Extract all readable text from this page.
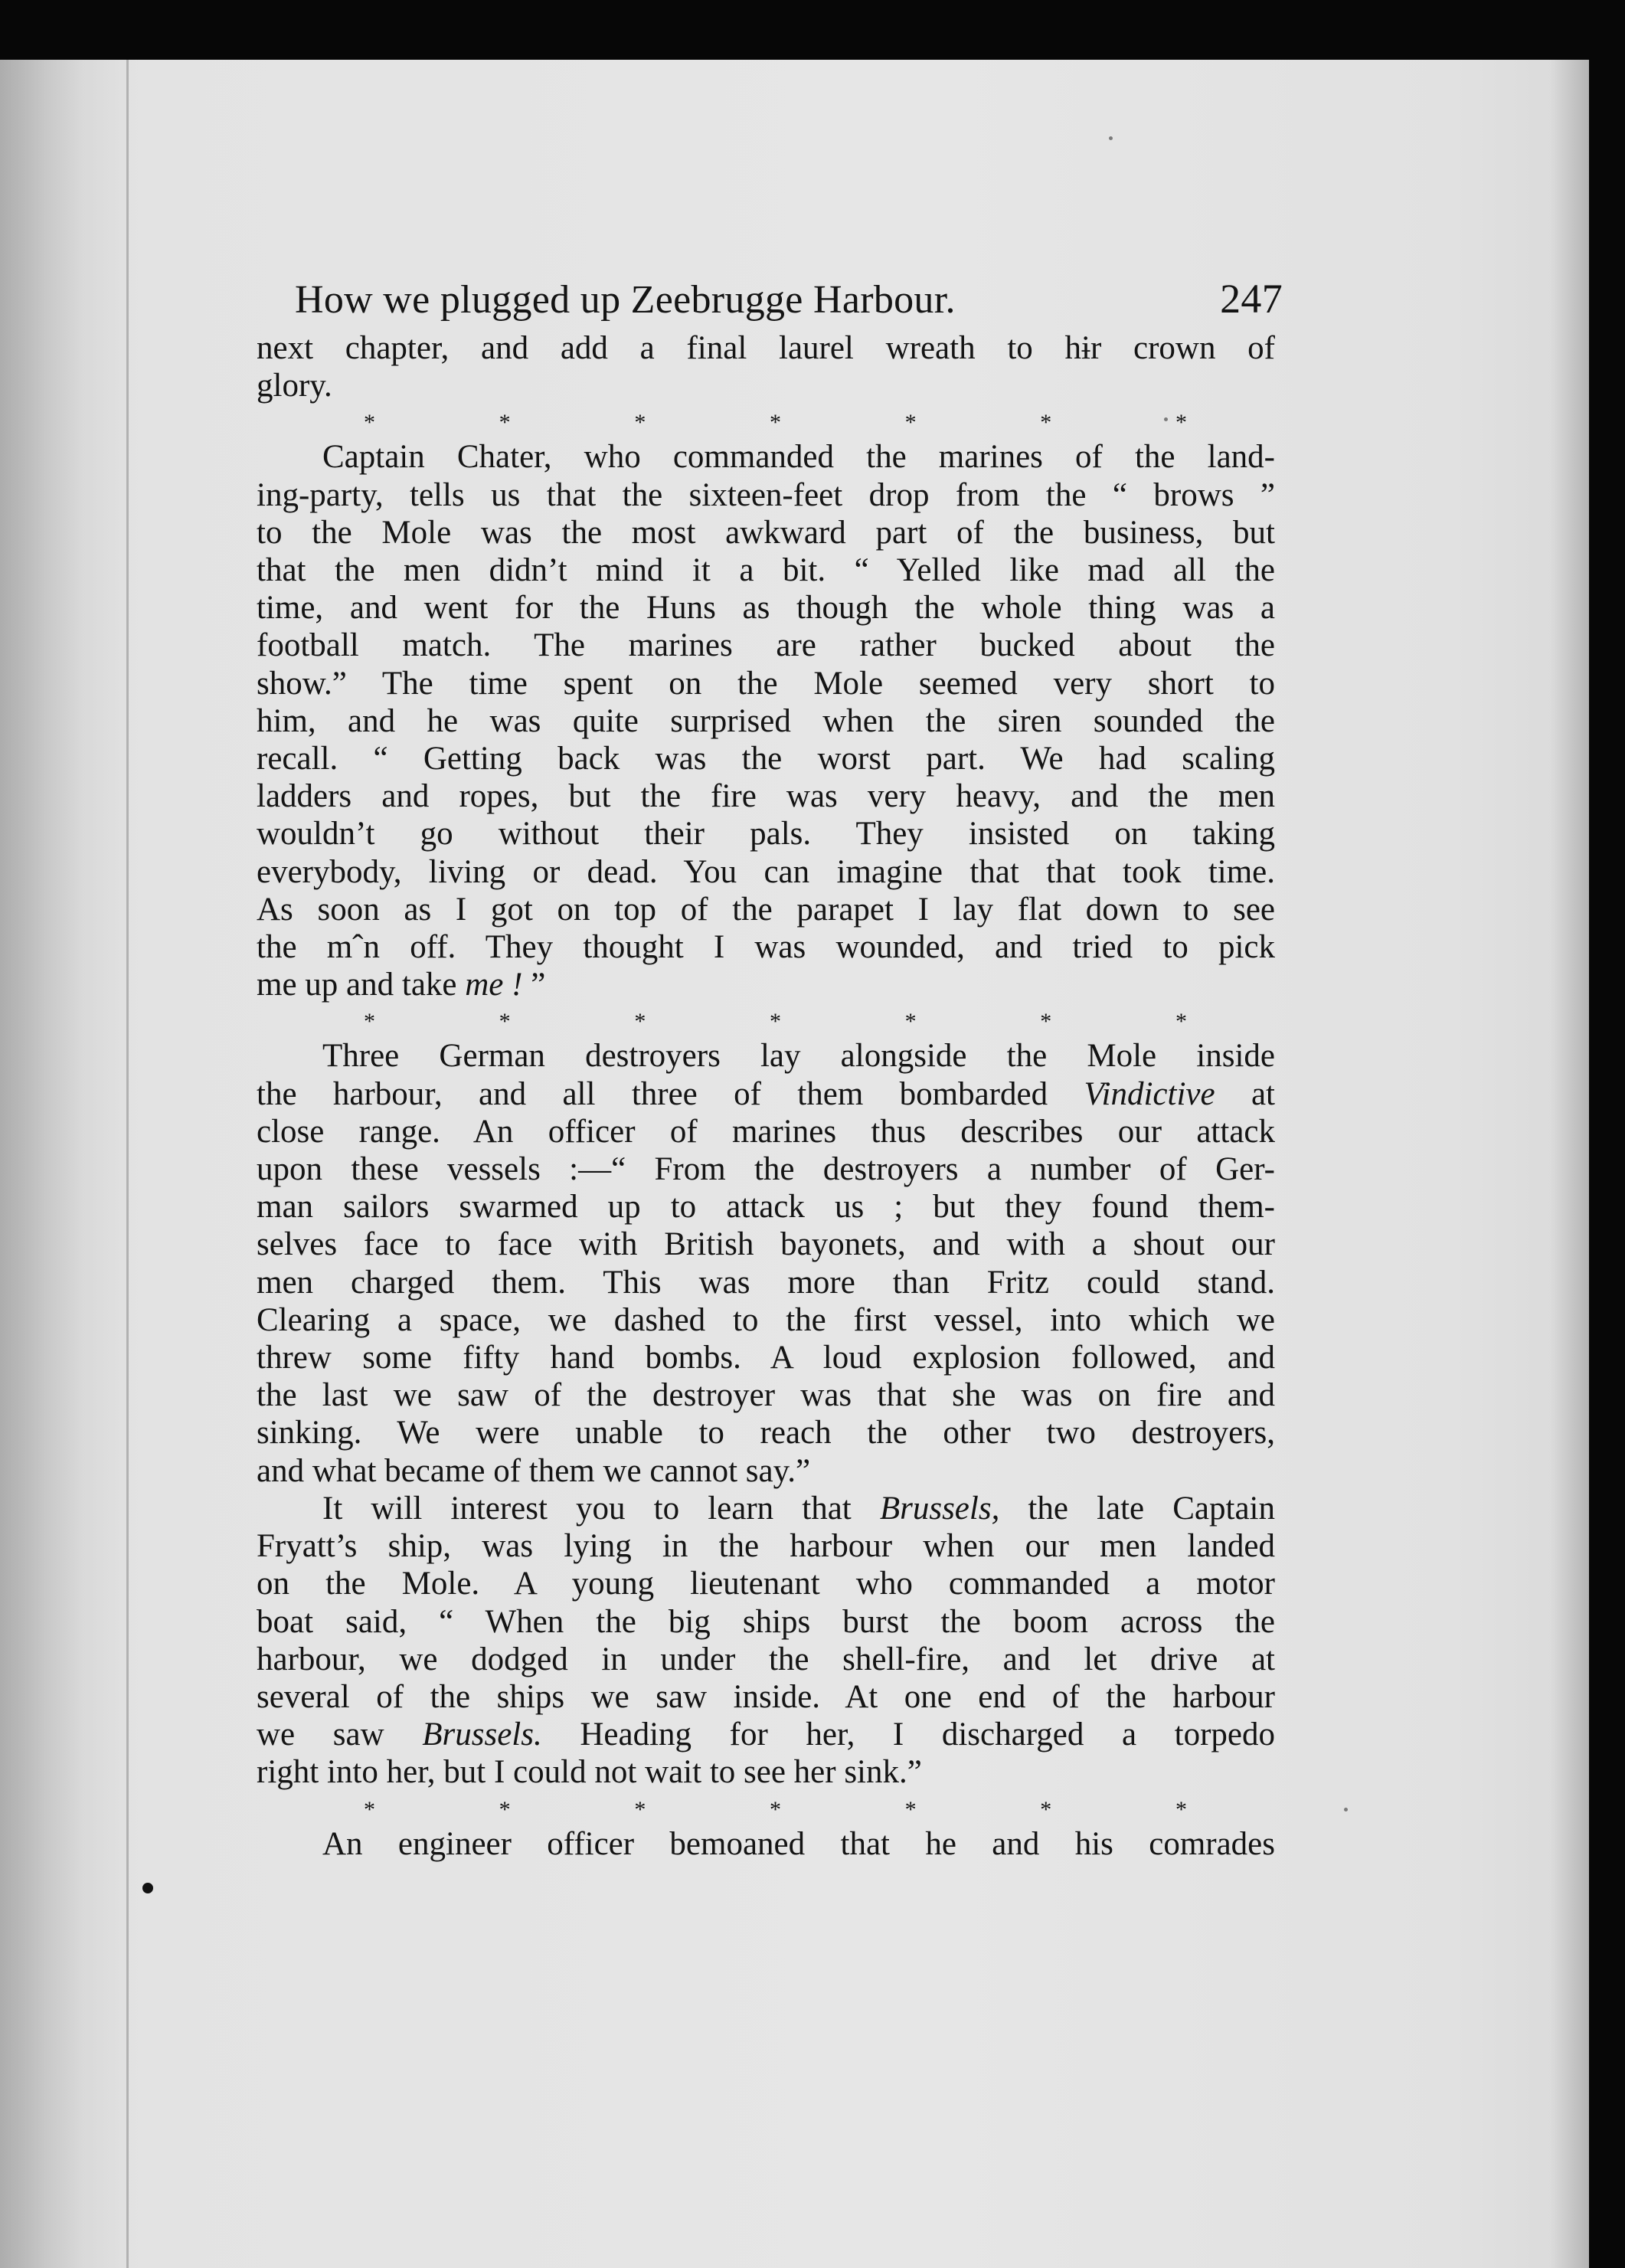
How we plugged up Zeebrugge Harbour.	247

next chapter, and add a final laurel wreath to hɨr crown of

glory.

*	*	*	*	*	*	*

Captain Chater, who commanded the marines of the land-

ing-party, tells us that the sixteen-feet drop from the “ brows ”

to the Mole was the most awkward part of the business, but

that the men didn’t mind it a bit. “ Yelled like mad all the

time, and went for the Huns as though the whole thing was a

football match. The marines are rather bucked about the

show.” The time spent on the Mole seemed very short to

him, and he was quite surprised when the siren sounded the

recall. “ Getting back was the worst part. We had scaling

ladders and ropes, but the fire was very heavy, and the men

wouldn’t go without their pals. They insisted on taking

everybody, living or dead. You can imagine that that took time.

As soon as I got on top of the parapet I lay flat down to see

the mˆn off. They thought I was wounded, and tried to pick

me up and take me ! ”

*	*	*	*	*	*	*

Three German destroyers lay alongside the Mole inside

the harbour, and all three of them bombarded Vindictive at

close range. An officer of marines thus describes our attack

upon these vessels :—“ From the destroyers a number of Ger-

man sailors swarmed up to attack us ; but they found them-

selves face to face with British bayonets, and with a shout our

men charged them. This was more than Fritz could stand.

Clearing a space, we dashed to the first vessel, into which we

threw some fifty hand bombs. A loud explosion followed, and

the last we saw of the destroyer was that she was on fire and

sinking. We were unable to reach the other two destroyers,

and what became of them we cannot say.”

It will interest you to learn that Brussels, the late Captain

Fryatt’s ship, was lying in the harbour when our men landed

on the Mole. A young lieutenant who commanded a motor

boat said, “ When the big ships burst the boom across the

harbour, we dodged in under the shell-fire, and let drive at

several of the ships we saw inside. At one end of the harbour

we saw Brussels. Heading for her, I discharged a torpedo

right into her, but I could not wait to see her sink.”

*	*	*	*	*	*	*

An engineer officer bemoaned that he and his comrades
